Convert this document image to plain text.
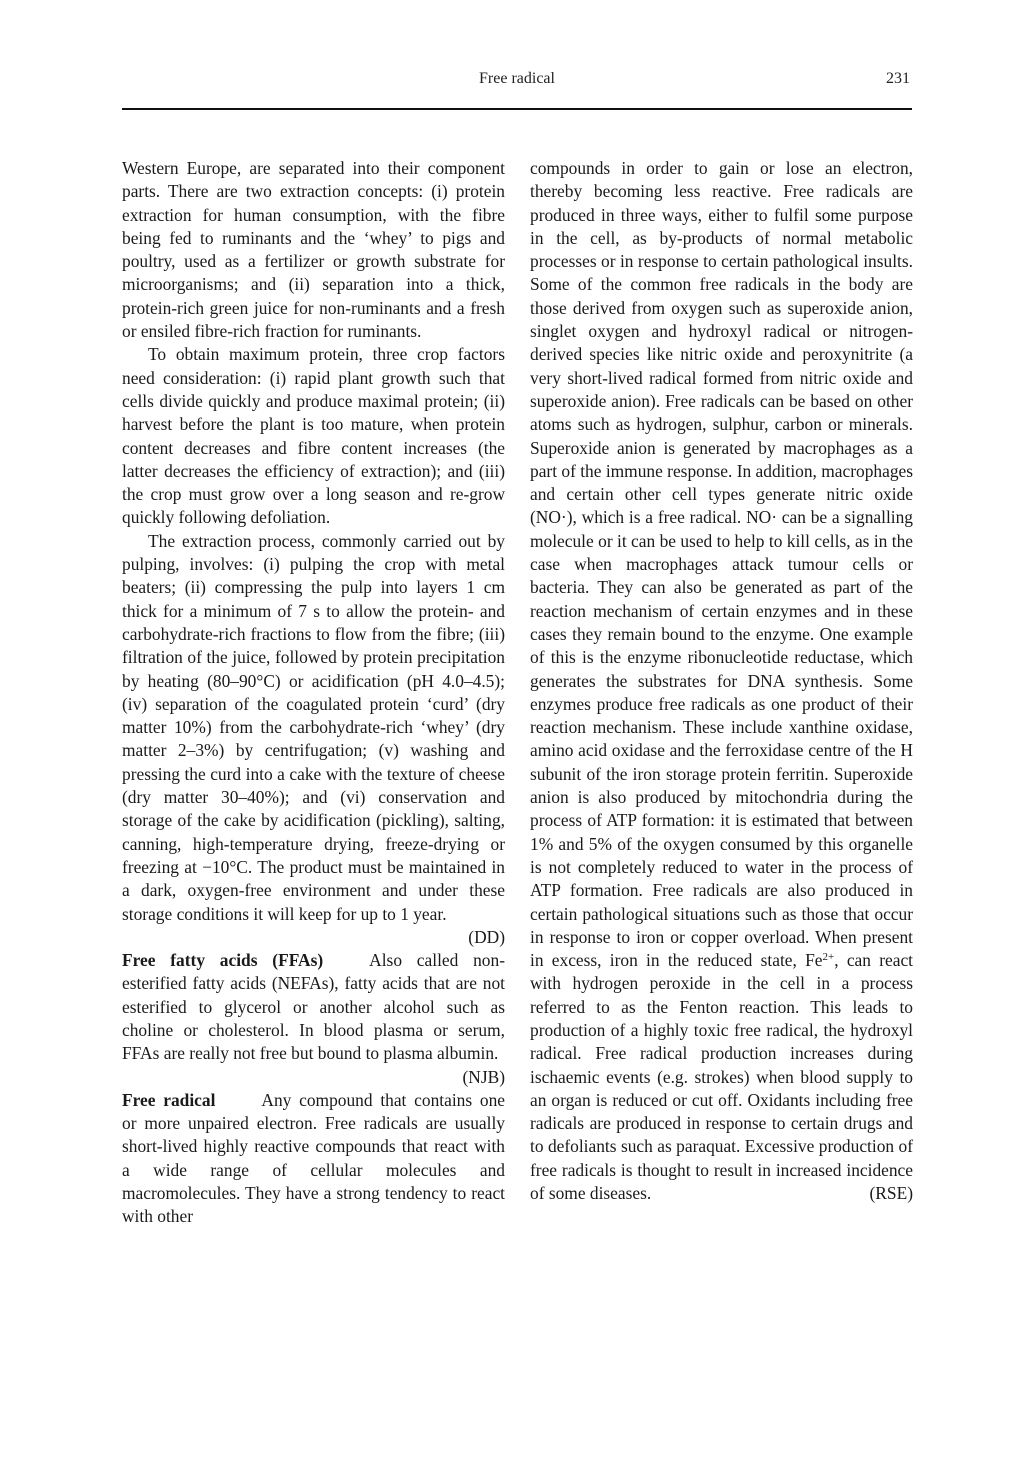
Free radical	231

Western Europe, are separated into their component parts. There are two extraction concepts: (i) protein extraction for human consumption, with the fibre being fed to ruminants and the ‘whey’ to pigs and poultry, used as a fertilizer or growth substrate for microorganisms; and (ii) separation into a thick, protein-rich green juice for non-ruminants and a fresh or ensiled fibre-rich fraction for ruminants.

To obtain maximum protein, three crop factors need consideration: (i) rapid plant growth such that cells divide quickly and produce maximal protein; (ii) harvest before the plant is too mature, when protein content decreases and fibre content increases (the latter decreases the efficiency of extraction); and (iii) the crop must grow over a long season and re-grow quickly following defoliation.

The extraction process, commonly carried out by pulping, involves: (i) pulping the crop with metal beaters; (ii) compressing the pulp into layers 1 cm thick for a minimum of 7 s to allow the protein- and carbohydrate-rich fractions to flow from the fibre; (iii) filtration of the juice, followed by protein precipitation by heating (80–90°C) or acidification (pH 4.0–4.5); (iv) separation of the coagulated protein ‘curd’ (dry matter 10%) from the carbohydrate-rich ‘whey’ (dry matter 2–3%) by centrifugation; (v) washing and pressing the curd into a cake with the texture of cheese (dry matter 30–40%); and (vi) conservation and storage of the cake by acidification (pickling), salting, canning, high-temperature drying, freeze-drying or freezing at −10°C. The product must be maintained in a dark, oxygen-free environment and under these storage conditions it will keep for up to 1 year.
(DD)

Free fatty acids (FFAs)	Also called non-esterified fatty acids (NEFAs), fatty acids that are not esterified to glycerol or another alcohol such as choline or cholesterol. In blood plasma or serum, FFAs are really not free but bound to plasma albumin.
(NJB)

Free radical	Any compound that contains one or more unpaired electron. Free radicals are usually short-lived highly reactive compounds that react with a wide range of cellular molecules and macromolecules. They have a strong tendency to react with other

compounds in order to gain or lose an electron, thereby becoming less reactive. Free radicals are produced in three ways, either to fulfil some purpose in the cell, as by-products of normal metabolic processes or in response to certain pathological insults. Some of the common free radicals in the body are those derived from oxygen such as superoxide anion, singlet oxygen and hydroxyl radical or nitrogen-derived species like nitric oxide and peroxynitrite (a very short-lived radical formed from nitric oxide and superoxide anion). Free radicals can be based on other atoms such as hydrogen, sulphur, carbon or minerals. Superoxide anion is generated by macrophages as a part of the immune response. In addition, macrophages and certain other cell types generate nitric oxide (NO·), which is a free radical. NO· can be a signalling molecule or it can be used to help to kill cells, as in the case when macrophages attack tumour cells or bacteria. They can also be generated as part of the reaction mechanism of certain enzymes and in these cases they remain bound to the enzyme. One example of this is the enzyme ribonucleotide reductase, which generates the substrates for DNA synthesis. Some enzymes produce free radicals as one product of their reaction mechanism. These include xanthine oxidase, amino acid oxidase and the ferroxidase centre of the H subunit of the iron storage protein ferritin. Superoxide anion is also produced by mitochondria during the process of ATP formation: it is estimated that between 1% and 5% of the oxygen consumed by this organelle is not completely reduced to water in the process of ATP formation. Free radicals are also produced in certain pathological situations such as those that occur in response to iron or copper overload. When present in excess, iron in the reduced state, $Fe^{2+}$, can react with hydrogen peroxide in the cell in a process referred to as the Fenton reaction. This leads to production of a highly toxic free radical, the hydroxyl radical. Free radical production increases during ischaemic events (e.g. strokes) when blood supply to an organ is reduced or cut off. Oxidants including free radicals are produced in response to certain drugs and to defoliants such as paraquat. Excessive production of free radicals is thought to result in increased incidence of some diseases.	(RSE)
